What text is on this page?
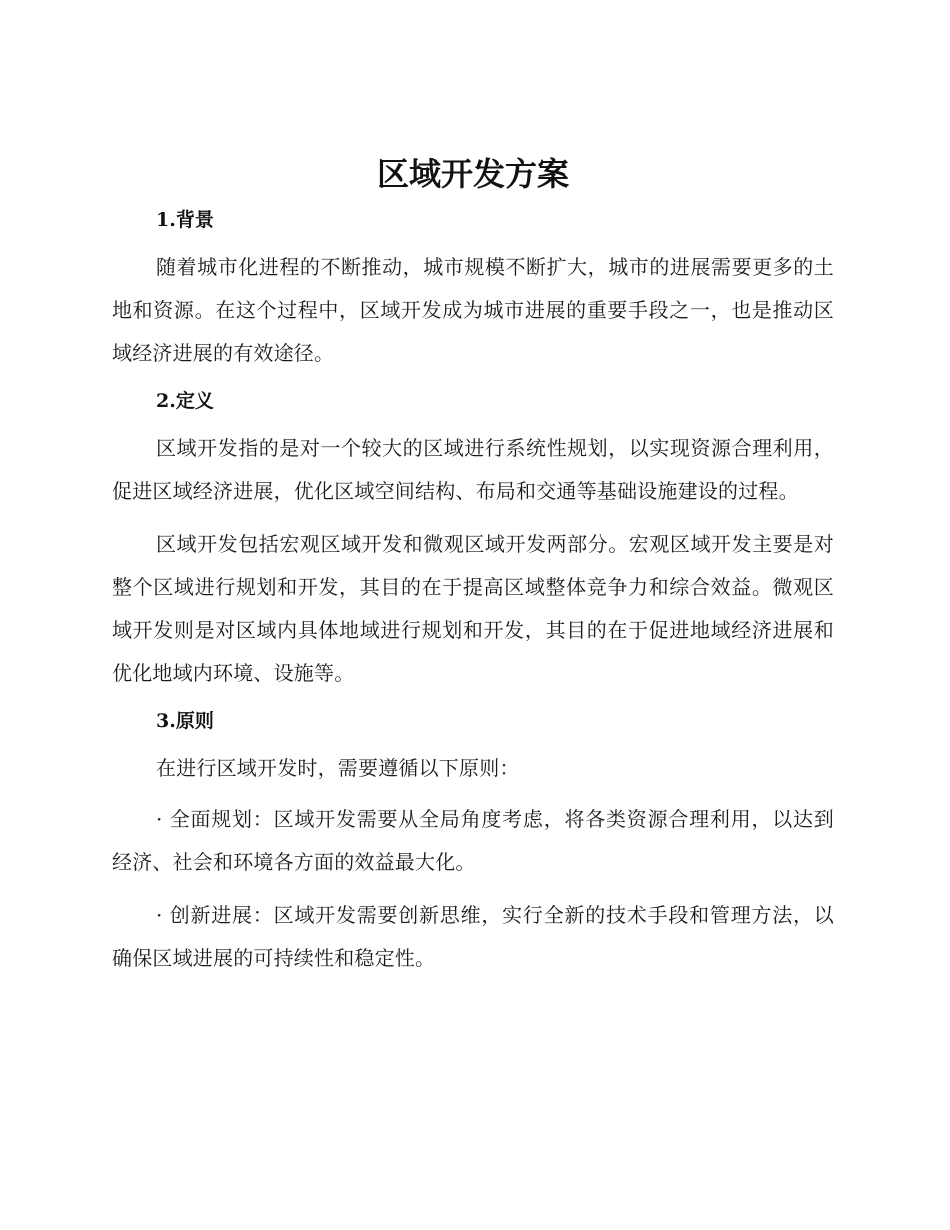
区域开发方案
1.背景

随着城市化进程的不断推动，城市规模不断扩大，城市的进展需要更多的土地和资源。在这个过程中，区域开发成为城市进展的重要手段之一，也是推动区域经济进展的有效途径。

2.定义

区域开发指的是对一个较大的区域进行系统性规划，以实现资源合理利用，促进区域经济进展，优化区域空间结构、布局和交通等基础设施建设的过程。

区域开发包括宏观区域开发和微观区域开发两部分。宏观区域开发主要是对整个区域进行规划和开发，其目的在于提高区域整体竞争力和综合效益。微观区域开发则是对区域内具体地域进行规划和开发，其目的在于促进地域经济进展和优化地域内环境、设施等。

3.原则

在进行区域开发时，需要遵循以下原则：

· 全面规划：区域开发需要从全局角度考虑，将各类资源合理利用，以达到经济、社会和环境各方面的效益最大化。

· 创新进展：区域开发需要创新思维，实行全新的技术手段和管理方法，以确保区域进展的可持续性和稳定性。
